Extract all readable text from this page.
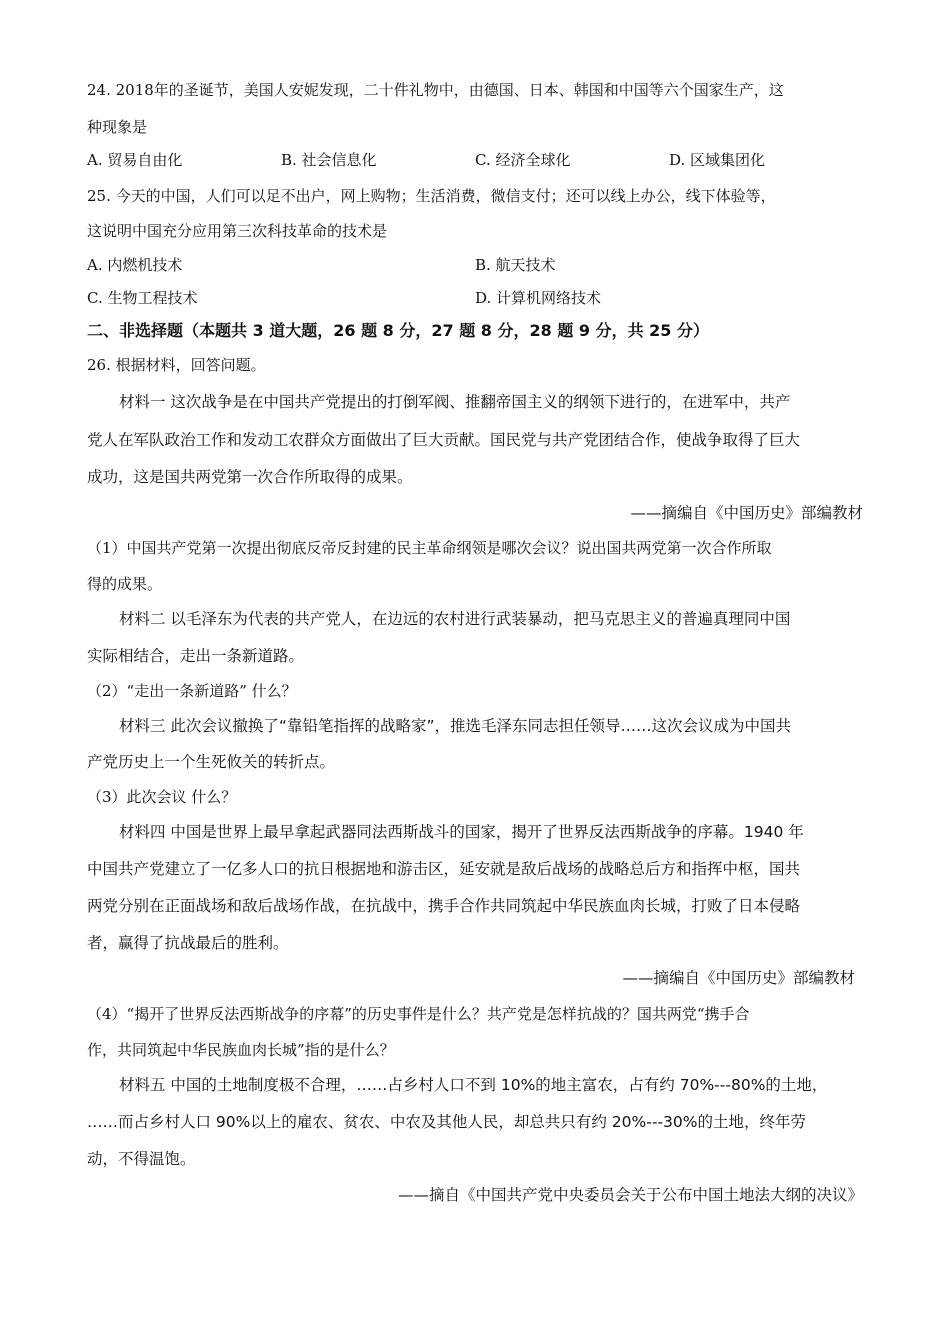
24. 2018年的圣诞节，美国人安妮发现，二十件礼物中，由德国、日本、韩国和中国等六个国家生产，这
种现象是
A. 贸易自由化	B. 社会信息化	C. 经济全球化	D. 区域集团化
25. 今天的中国，人们可以足不出户，网上购物；生活消费，微信支付；还可以线上办公，线下体验等，
这说明中国充分应用第三次科技革命的技术是
A. 内燃机技术	B. 航天技术
C. 生物工程技术	D. 计算机网络技术
二、非选择题（本题共 3 道大题，26 题 8 分，27 题 8 分，28 题 9 分，共 25 分）
26. 根据材料，回答问题。
材料一 这次战争是在中国共产党提出的打倒军阀、推翻帝国主义的纲领下进行的，在进军中，共产
党人在军队政治工作和发动工农群众方面做出了巨大贡献。国民党与共产党团结合作，使战争取得了巨大
成功，这是国共两党第一次合作所取得的成果。
——摘编自《中国历史》部编教材
（1）中国共产党第一次提出彻底反帝反封建的民主革命纲领是哪次会议？说出国共两党第一次合作所取
得的成果。
材料二 以毛泽东为代表的共产党人，在边远的农村进行武装暴动，把马克思主义的普遍真理同中国
实际相结合，走出一条新道路。
（2）“走出一条新道路” 什么？
材料三 此次会议撤换了“靠铅笔指挥的战略家”，推选毛泽东同志担任领导……这次会议成为中国共
产党历史上一个生死攸关的转折点。
（3）此次会议 什么？
材料四 中国是世界上最早拿起武器同法西斯战斗的国家，揭开了世界反法西斯战争的序幕。1940 年
中国共产党建立了一亿多人口的抗日根据地和游击区，延安就是敌后战场的战略总后方和指挥中枢，国共
两党分别在正面战场和敌后战场作战，在抗战中，携手合作共同筑起中华民族血肉长城，打败了日本侵略
者，赢得了抗战最后的胜利。
——摘编自《中国历史》部编教材
（4）“揭开了世界反法西斯战争的序幕”的历史事件是什么？共产党是怎样抗战的？国共两党“携手合
作，共同筑起中华民族血肉长城”指的是什么？
材料五 中国的土地制度极不合理，……占乡村人口不到 10%的地主富农，占有约 70%---80%的土地，
……而占乡村人口 90%以上的雇农、贫农、中农及其他人民，却总共只有约 20%---30%的土地，终年劳
动，不得温饱。
——摘自《中国共产党中央委员会关于公布中国土地法大纲的决议》
